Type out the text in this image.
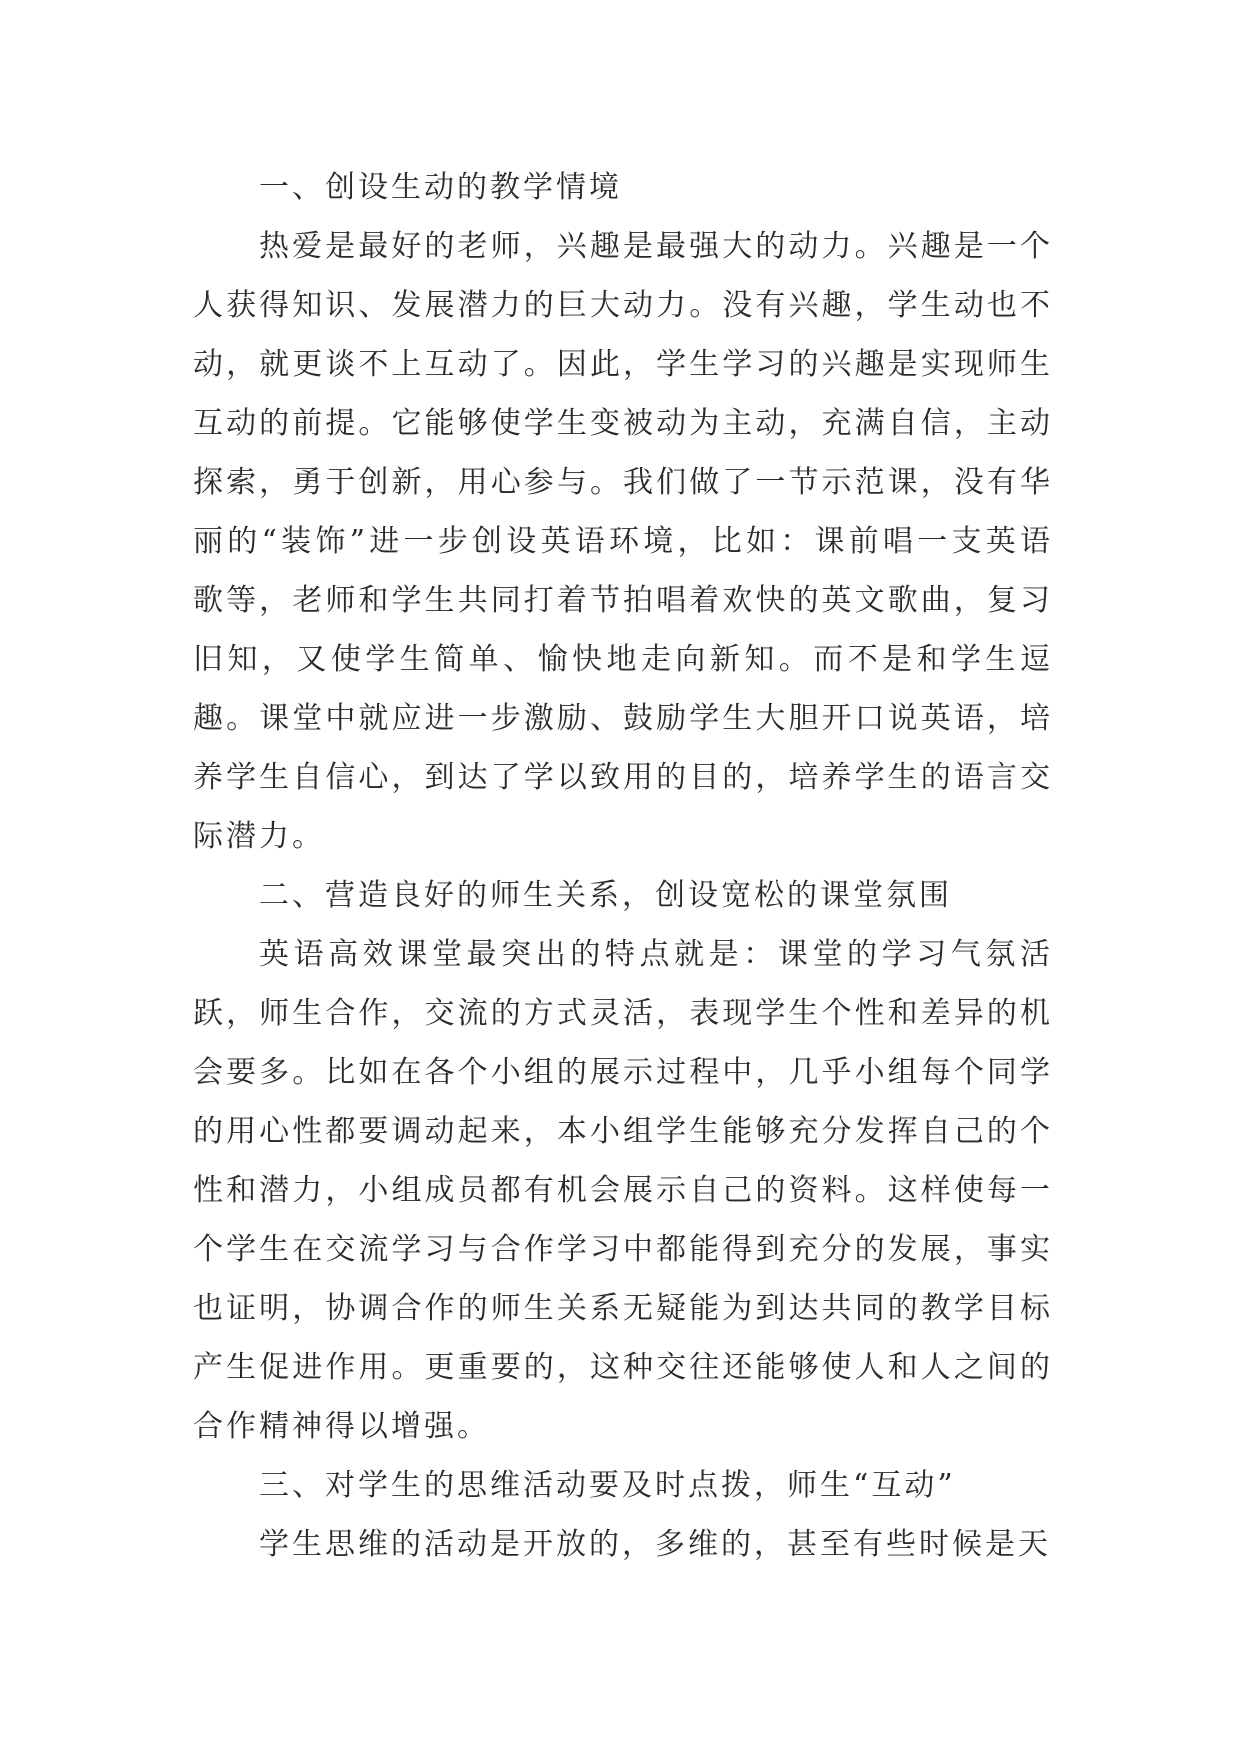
一、创设生动的教学情境

热爱是最好的老师，兴趣是最强大的动力。兴趣是一个人获得知识、发展潜力的巨大动力。没有兴趣，学生动也不动，就更谈不上互动了。因此，学生学习的兴趣是实现师生互动的前提。它能够使学生变被动为主动，充满自信，主动探索，勇于创新，用心参与。我们做了一节示范课，没有华丽的“装饰”进一步创设英语环境，比如：课前唱一支英语歌等，老师和学生共同打着节拍唱着欢快的英文歌曲，复习旧知，又使学生简单、愉快地走向新知。而不是和学生逗趣。课堂中就应进一步激励、鼓励学生大胆开口说英语，培养学生自信心，到达了学以致用的目的，培养学生的语言交际潜力。

二、营造良好的师生关系，创设宽松的课堂氛围

英语高效课堂最突出的特点就是：课堂的学习气氛活跃，师生合作，交流的方式灵活，表现学生个性和差异的机会要多。比如在各个小组的展示过程中，几乎小组每个同学的用心性都要调动起来，本小组学生能够充分发挥自己的个性和潜力，小组成员都有机会展示自己的资料。这样使每一个学生在交流学习与合作学习中都能得到充分的发展，事实也证明，协调合作的师生关系无疑能为到达共同的教学目标产生促进作用。更重要的，这种交往还能够使人和人之间的合作精神得以增强。

三、对学生的思维活动要及时点拨，师生“互动”

学生思维的活动是开放的，多维的，甚至有些时候是天
